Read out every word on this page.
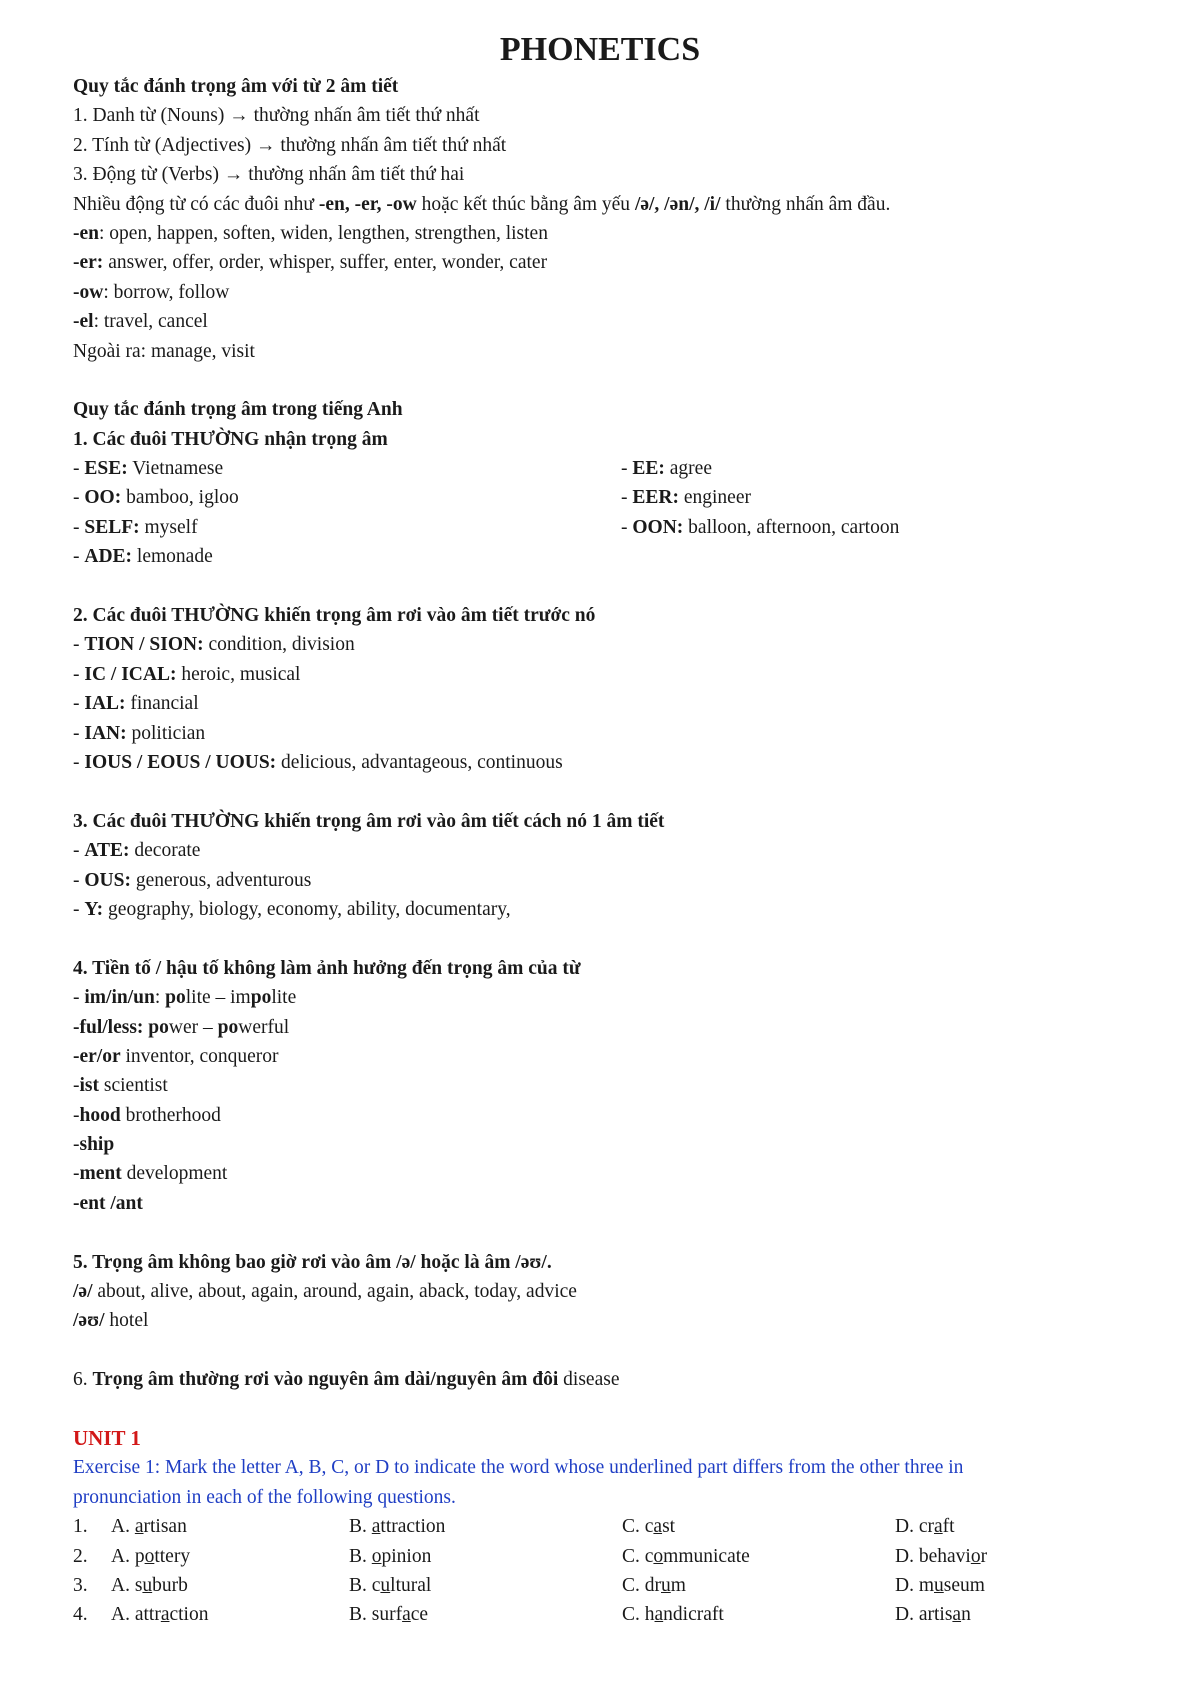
PHONETICS
Quy tắc đánh trọng âm với từ 2 âm tiết
1. Danh từ (Nouns) → thường nhấn âm tiết thứ nhất
2. Tính từ (Adjectives) → thường nhấn âm tiết thứ nhất
3. Động từ (Verbs) → thường nhấn âm tiết thứ hai
Nhiều động từ có các đuôi như -en, -er, -ow hoặc kết thúc bằng âm yếu /ə/, /ən/, /i/ thường nhấn âm đầu.
-en: open, happen, soften, widen, lengthen, strengthen, listen
-er: answer, offer, order, whisper, suffer, enter, wonder, cater
-ow: borrow, follow
-el: travel, cancel
Ngoài ra: manage, visit
Quy tắc đánh trọng âm trong tiếng Anh
1. Các đuôi THƯỜNG nhận trọng âm
- ESE: Vietnamese
- OO: bamboo, igloo
- SELF: myself
- ADE: lemonade
- EE: agree
- EER: engineer
- OON: balloon, afternoon, cartoon
2. Các đuôi THƯỜNG khiến trọng âm rơi vào âm tiết trước nó
- TION / SION: condition, division
- IC / ICAL: heroic, musical
- IAL: financial
- IAN: politician
- IOUS / EOUS / UOUS: delicious, advantageous, continuous
3. Các đuôi THƯỜNG khiến trọng âm rơi vào âm tiết cách nó 1 âm tiết
- ATE: decorate
- OUS: generous, adventurous
- Y: geography, biology, economy, ability, documentary,
4. Tiền tố / hậu tố không làm ảnh hưởng đến trọng âm của từ
- im/in/un: polite – impolite
-ful/less: power – powerful
-er/or inventor, conqueror
-ist scientist
-hood brotherhood
-ship
-ment development
-ent /ant
5. Trọng âm không bao giờ rơi vào âm /ə/ hoặc là âm /əʊ/.
/ə/ about, alive, about, again, around, again, aback, today, advice
/əʊ/ hotel
6. Trọng âm thường rơi vào nguyên âm dài/nguyên âm đôi disease
UNIT 1
Exercise 1: Mark the letter A, B, C, or D to indicate the word whose underlined part differs from the other three in
pronunciation in each of the following questions.
1.	A. artisan	B. attraction	C. cast	D. craft
2.	A. pottery	B. opinion	C. communicate	D. behavior
3.	A. suburb	B. cultural	C. drum	D. museum
4.	A. attraction	B. surface	C. handicraft	D. artisan
